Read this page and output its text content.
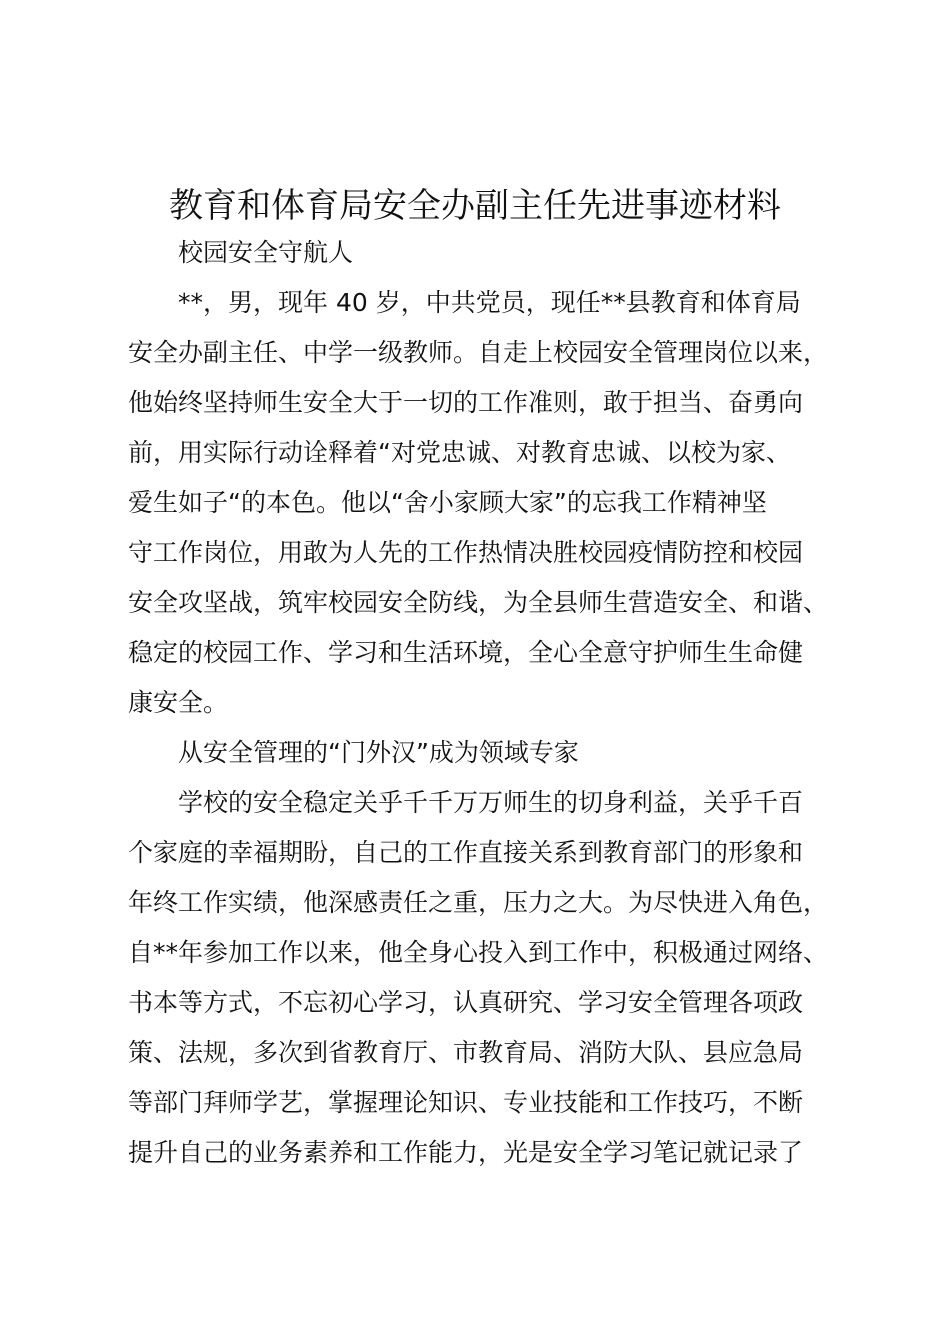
教育和体育局安全办副主任先进事迹材料
校园安全守航人
**，男，现年 40 岁，中共党员，现任**县教育和体育局
安全办副主任、中学一级教师。自走上校园安全管理岗位以来，
他始终坚持师生安全大于一切的工作准则，敢于担当、奋勇向
前，用实际行动诠释着“对党忠诚、对教育忠诚、以校为家、
爱生如子“的本色。他以“舍小家顾大家”的忘我工作精神坚
守工作岗位，用敢为人先的工作热情决胜校园疫情防控和校园
安全攻坚战，筑牢校园安全防线，为全县师生营造安全、和谐、
稳定的校园工作、学习和生活环境，全心全意守护师生生命健
康安全。
从安全管理的“门外汉”成为领域专家
学校的安全稳定关乎千千万万师生的切身利益，关乎千百
个家庭的幸福期盼，自己的工作直接关系到教育部门的形象和
年终工作实绩，他深感责任之重，压力之大。为尽快进入角色，
自**年参加工作以来，他全身心投入到工作中，积极通过网络、
书本等方式，不忘初心学习，认真研究、学习安全管理各项政
策、法规，多次到省教育厅、市教育局、消防大队、县应急局
等部门拜师学艺，掌握理论知识、专业技能和工作技巧，不断
提升自己的业务素养和工作能力，光是安全学习笔记就记录了
